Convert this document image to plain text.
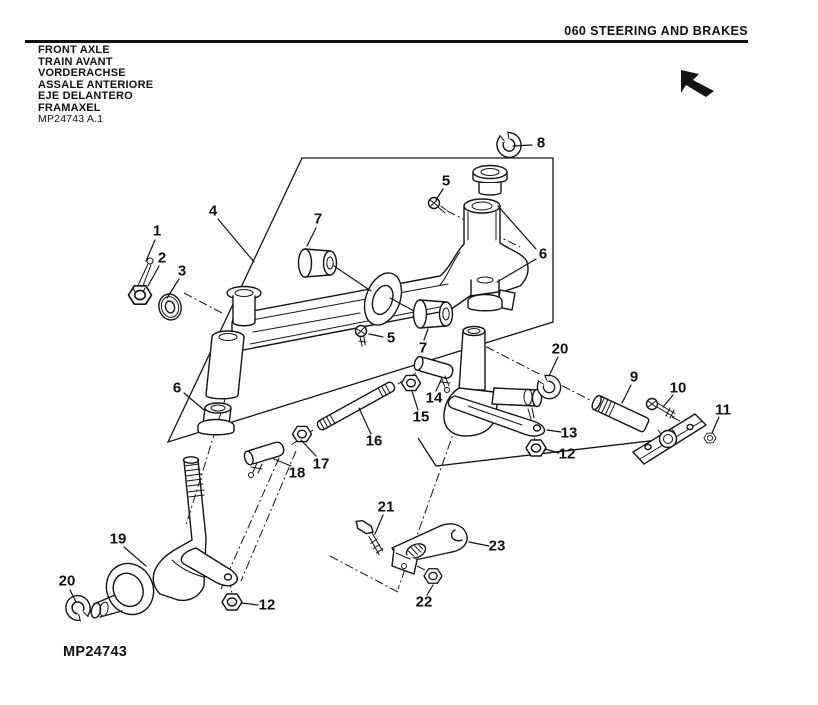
060 STEERING AND BRAKES
FRONT AXLE
TRAIN AVANT
VORDERACHSE
ASSALE ANTERIORE
EJE DELANTERO
FRAMAXEL
MP24743 A.1
1
2
3
4
5
5
6
6
7
7
8
9
10
11
12
12
13
14
15
16
17
18
19
20
20
21
22
23
MP24743
